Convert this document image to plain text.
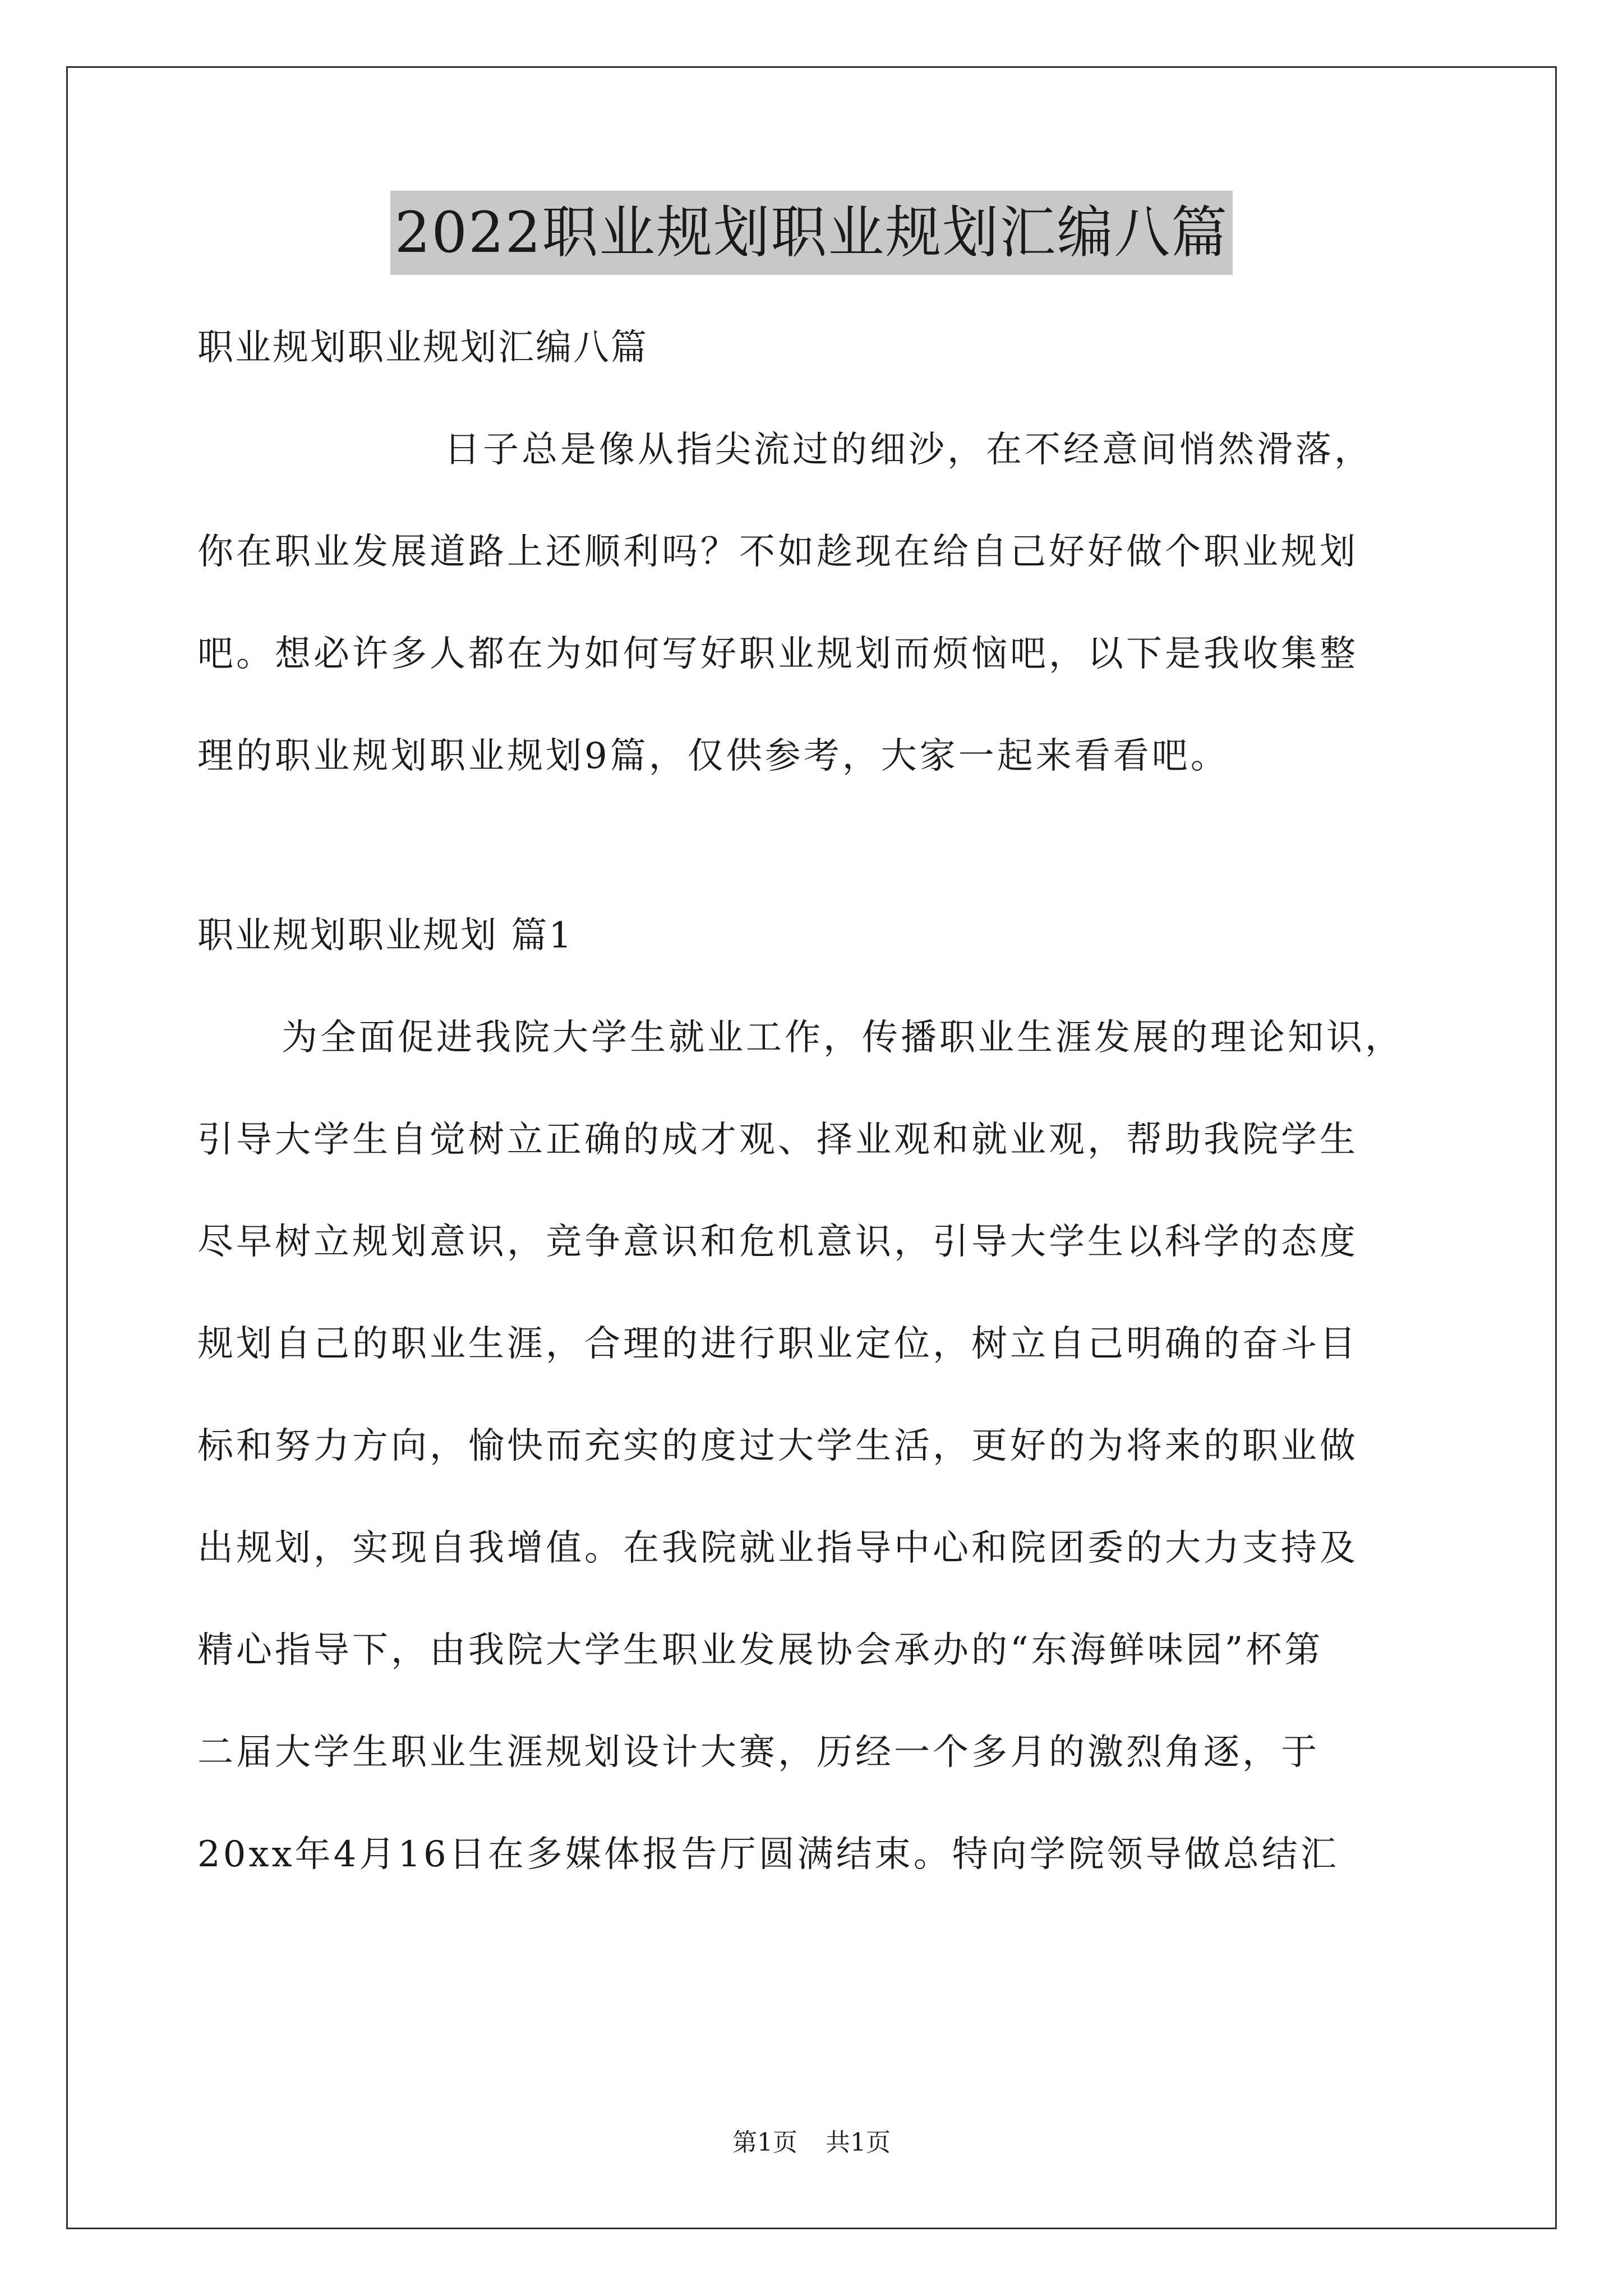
2022职业规划职业规划汇编八篇
职业规划职业规划汇编八篇
日子总是像从指尖流过的细沙，在不经意间悄然滑落，
你在职业发展道路上还顺利吗？不如趁现在给自己好好做个职业规划
吧。想必许多人都在为如何写好职业规划而烦恼吧，以下是我收集整
理的职业规划职业规划9篇，仅供参考，大家一起来看看吧。
职业规划职业规划 篇1
为全面促进我院大学生就业工作，传播职业生涯发展的理论知识，
引导大学生自觉树立正确的成才观、择业观和就业观，帮助我院学生
尽早树立规划意识，竞争意识和危机意识，引导大学生以科学的态度
规划自己的职业生涯，合理的进行职业定位，树立自己明确的奋斗目
标和努力方向，愉快而充实的度过大学生活，更好的为将来的职业做
出规划，实现自我增值。在我院就业指导中心和院团委的大力支持及
精心指导下，由我院大学生职业发展协会承办的“东海鲜味园”杯第
二届大学生职业生涯规划设计大赛，历经一个多月的激烈角逐，于
20xx年4月16日在多媒体报告厅圆满结束。特向学院领导做总结汇
第1页 共1页
